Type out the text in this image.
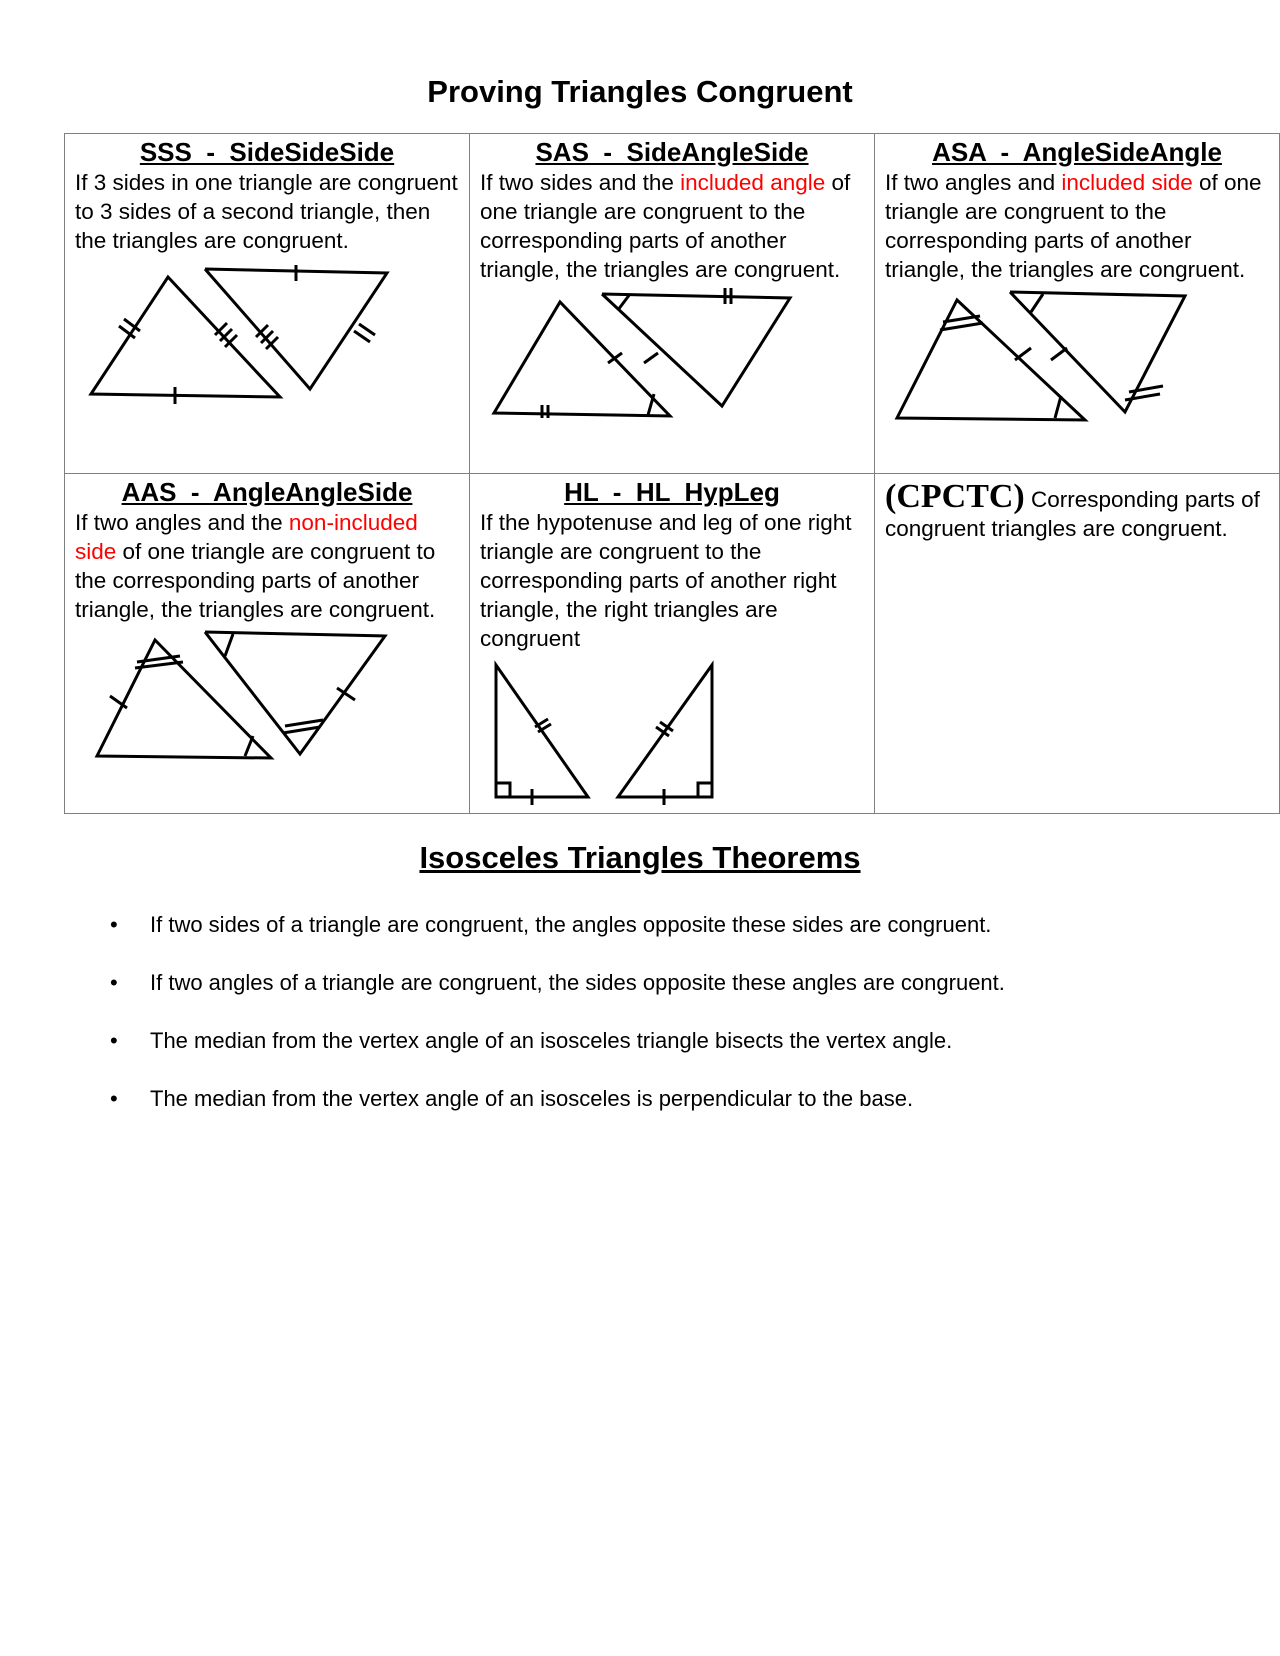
Proving Triangles Congruent
SSS  -  SideSideSide
If 3 sides in one triangle are congruent to 3 sides of a second triangle, then the triangles are congruent.

SAS  -  SideAngleSide
If two sides and the included angle of one triangle are congruent to the corresponding parts of another triangle, the triangles are congruent.

ASA  -  AngleSideAngle
If two angles and included side of one triangle are congruent to the corresponding parts of another triangle, the triangles are congruent.

AAS  -  AngleAngleSide
If two angles and the non-included side of one triangle are congruent to the corresponding parts of another triangle, the triangles are congruent.

HL  -  HL  HypLeg
If the hypotenuse and leg of one right triangle are congruent to the corresponding parts of another right triangle, the right triangles are congruent

(CPCTC) Corresponding parts of congruent triangles are congruent.
Isosceles Triangles Theorems
•	If two sides of a triangle are congruent, the angles opposite these sides are congruent.
•	If two angles of a triangle are congruent, the sides opposite these angles are congruent.
•	The median from the vertex angle of an isosceles triangle bisects the vertex angle.
•	The median from the vertex angle of an isosceles is perpendicular to the base.
